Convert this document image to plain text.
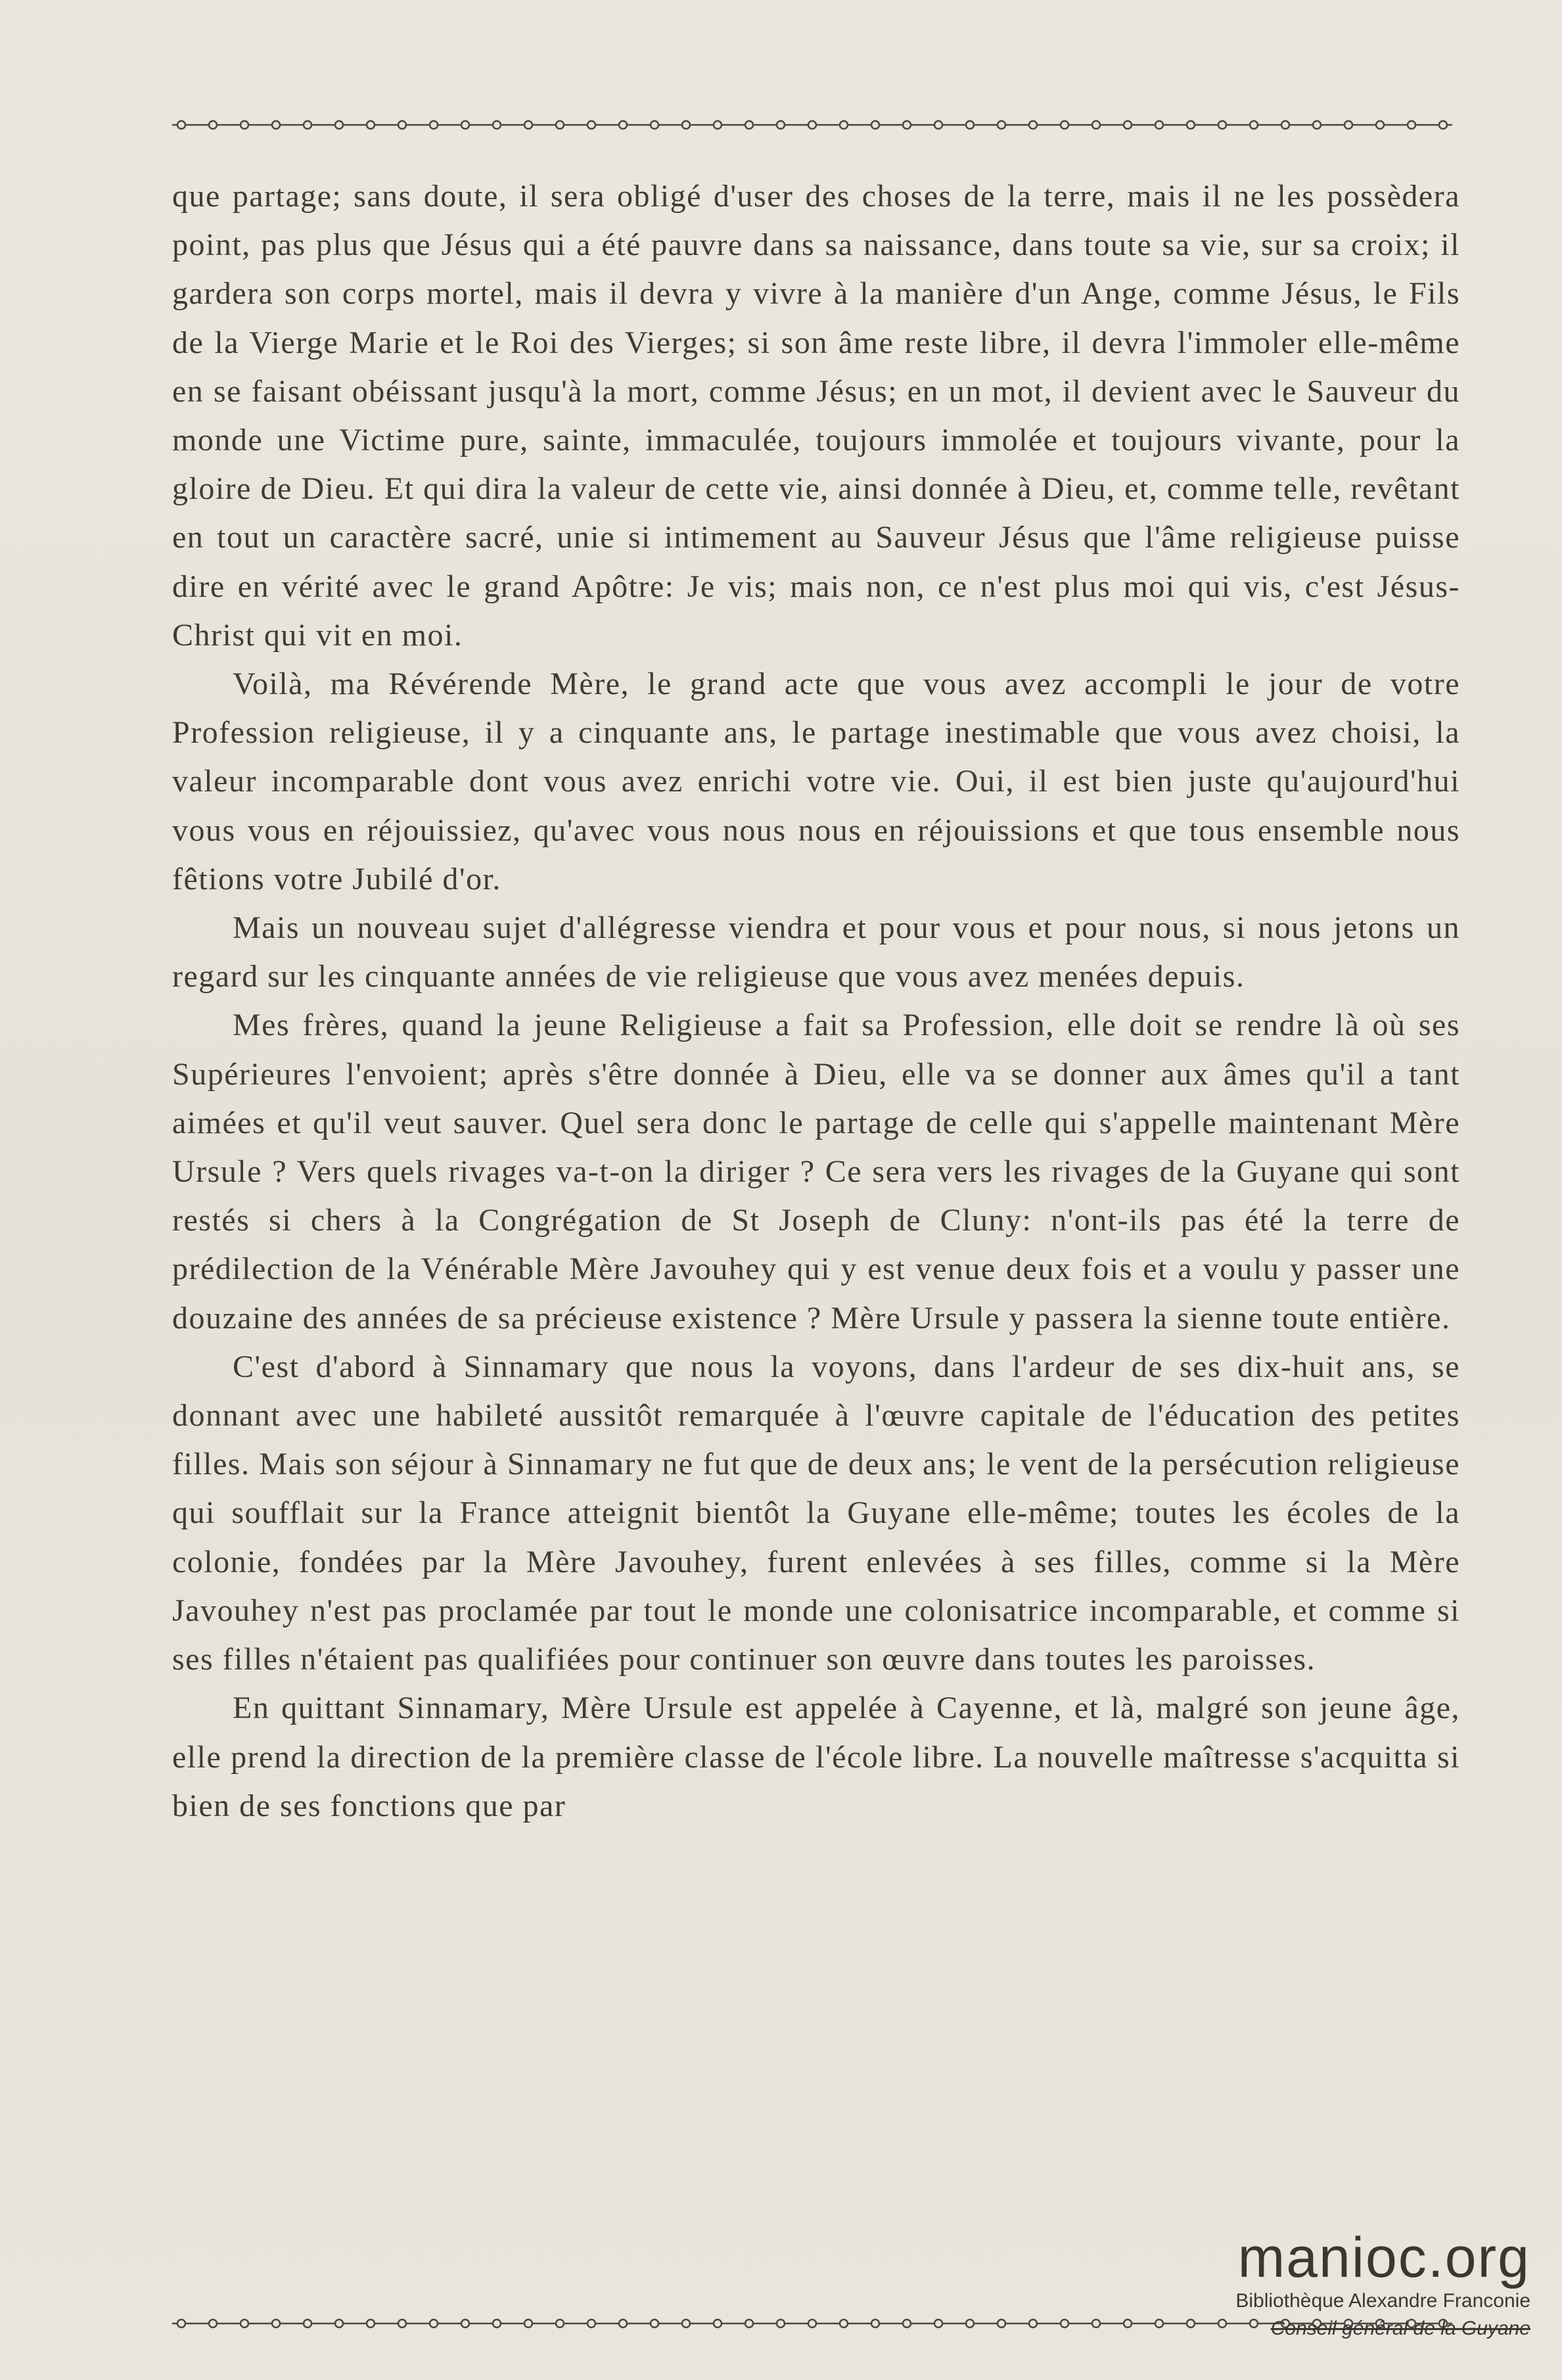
que partage; sans doute, il sera obligé d'user des choses de la terre, mais il ne les possèdera point, pas plus que Jésus qui a été pauvre dans sa naissance, dans toute sa vie, sur sa croix; il gardera son corps mortel, mais il devra y vivre à la manière d'un Ange, comme Jésus, le Fils de la Vierge Marie et le Roi des Vierges; si son âme reste libre, il devra l'immoler elle-même en se faisant obéissant jusqu'à la mort, comme Jésus; en un mot, il devient avec le Sauveur du monde une Victime pure, sainte, immaculée, toujours immolée et toujours vivante, pour la gloire de Dieu. Et qui dira la valeur de cette vie, ainsi donnée à Dieu, et, comme telle, revêtant en tout un caractère sacré, unie si intimement au Sauveur Jésus que l'âme religieuse puisse dire en vérité avec le grand Apôtre: Je vis; mais non, ce n'est plus moi qui vis, c'est Jésus-Christ qui vit en moi.

Voilà, ma Révérende Mère, le grand acte que vous avez accompli le jour de votre Profession religieuse, il y a cinquante ans, le partage inestimable que vous avez choisi, la valeur incomparable dont vous avez enrichi votre vie. Oui, il est bien juste qu'aujourd'hui vous vous en réjouissiez, qu'avec vous nous nous en réjouissions et que tous ensemble nous fêtions votre Jubilé d'or.

Mais un nouveau sujet d'allégresse viendra et pour vous et pour nous, si nous jetons un regard sur les cinquante années de vie religieuse que vous avez menées depuis.

Mes frères, quand la jeune Religieuse a fait sa Profession, elle doit se rendre là où ses Supérieures l'envoient; après s'être donnée à Dieu, elle va se donner aux âmes qu'il a tant aimées et qu'il veut sauver. Quel sera donc le partage de celle qui s'appelle maintenant Mère Ursule ? Vers quels rivages va-t-on la diriger ? Ce sera vers les rivages de la Guyane qui sont restés si chers à la Congrégation de St Joseph de Cluny: n'ont-ils pas été la terre de prédilection de la Vénérable Mère Javouhey qui y est venue deux fois et a voulu y passer une douzaine des années de sa précieuse existence ? Mère Ursule y passera la sienne toute entière.

C'est d'abord à Sinnamary que nous la voyons, dans l'ardeur de ses dix-huit ans, se donnant avec une habileté aussitôt remarquée à l'œuvre capitale de l'éducation des petites filles. Mais son séjour à Sinnamary ne fut que de deux ans; le vent de la persécution religieuse qui soufflait sur la France atteignit bientôt la Guyane elle-même; toutes les écoles de la colonie, fondées par la Mère Javouhey, furent enlevées à ses filles, comme si la Mère Javouhey n'est pas proclamée par tout le monde une colonisatrice incomparable, et comme si ses filles n'étaient pas qualifiées pour continuer son œuvre dans toutes les paroisses.

En quittant Sinnamary, Mère Ursule est appelée à Cayenne, et là, malgré son jeune âge, elle prend la direction de la première classe de l'école libre. La nouvelle maîtresse s'acquitta si bien de ses fonctions que par

manioc.org
Bibliothèque Alexandre Franconie
Conseil général de la Guyane
